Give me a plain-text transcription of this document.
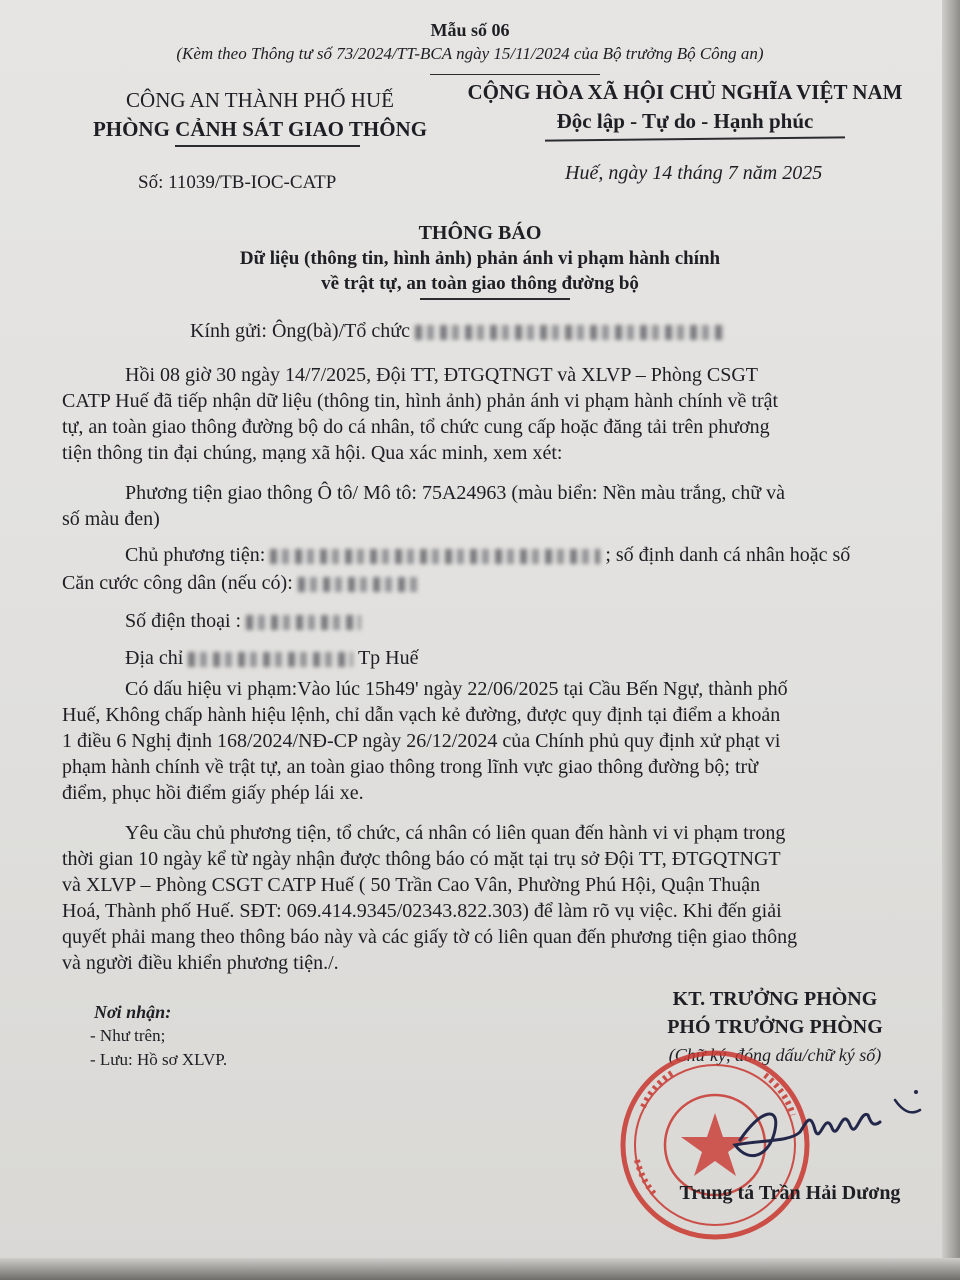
Mẫu số 06
(Kèm theo Thông tư số 73/2024/TT-BCA ngày 15/11/2024 của Bộ trưởng Bộ Công an)
CÔNG AN THÀNH PHỐ HUẾ
PHÒNG CẢNH SÁT GIAO THÔNG
CỘNG HÒA XÃ HỘI CHỦ NGHĨA VIỆT NAM
Độc lập - Tự do - Hạnh phúc
Số: 11039/TB-IOC-CATP	Huế, ngày 14 tháng 7 năm 2025
THÔNG BÁO
Dữ liệu (thông tin, hình ảnh) phản ánh vi phạm hành chính
về trật tự, an toàn giao thông đường bộ
Kính gửi: Ông(bà)/Tổ chức
Hồi 08 giờ 30 ngày 14/7/2025, Đội TT, ĐTGQTNGT và XLVP – Phòng CSGT
CATP Huế đã tiếp nhận dữ liệu (thông tin, hình ảnh) phản ánh vi phạm hành chính về trật
tự, an toàn giao thông đường bộ do cá nhân, tổ chức cung cấp hoặc đăng tải trên phương
tiện thông tin đại chúng, mạng xã hội. Qua xác minh, xem xét:
Phương tiện giao thông Ô tô/ Mô tô: 75A24963 (màu biển: Nền màu trắng, chữ và
số màu đen)
Chủ phương tiện:	; số định danh cá nhân hoặc số
Căn cước công dân (nếu có):
Số điện thoại :
Địa chỉ	Tp Huế
Có dấu hiệu vi phạm:Vào lúc 15h49' ngày 22/06/2025 tại Cầu Bến Ngự, thành phố
Huế, Không chấp hành hiệu lệnh, chỉ dẫn vạch kẻ đường, được quy định tại điểm a khoản
1 điều 6 Nghị định 168/2024/NĐ-CP ngày 26/12/2024 của Chính phủ quy định xử phạt vi
phạm hành chính về trật tự, an toàn giao thông trong lĩnh vực giao thông đường bộ; trừ
điểm, phục hồi điểm giấy phép lái xe.
Yêu cầu chủ phương tiện, tổ chức, cá nhân có liên quan đến hành vi vi phạm trong
thời gian 10 ngày kể từ ngày nhận được thông báo có mặt tại trụ sở Đội TT, ĐTGQTNGT
và XLVP – Phòng CSGT CATP Huế ( 50 Trần Cao Vân, Phường Phú Hội, Quận Thuận
Hoá, Thành phố Huế. SĐT: 069.414.9345/02343.822.303) để làm rõ vụ việc. Khi đến giải
quyết phải mang theo thông báo này và các giấy tờ có liên quan đến phương tiện giao thông
và người điều khiển phương tiện./.
Nơi nhận:
- Như trên;
- Lưu: Hồ sơ XLVP.
KT. TRƯỞNG PHÒNG
PHÓ TRƯỞNG PHÒNG
(Chữ ký, đóng dấu/chữ ký số)
Trung tá Trần Hải Dương
